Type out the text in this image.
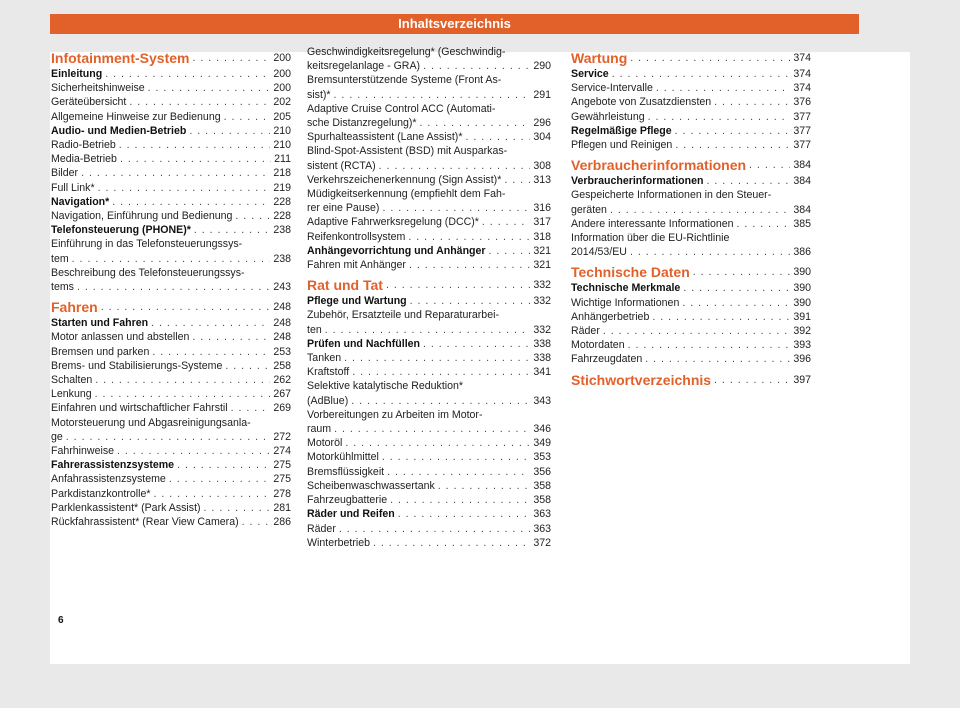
Inhaltsverzeichnis
Infotainment-System . . .	200
Einleitung . . .	200
Sicherheitshinweise . . .	200
Geräteübersicht . . .	202
Allgemeine Hinweise zur Bedienung . . .	205
Audio- und Medien-Betrieb . . .	210
Radio-Betrieb . . .	210
Media-Betrieb . . .	211
Bilder . . .	218
Full Link* . . .	219
Navigation* . . .	228
Navigation, Einführung und Bedienung . . .	228
Telefonsteuerung (PHONE)* . . .	238
Einführung in das Telefonsteuerungssys-
tem . . .	238
Beschreibung des Telefonsteuerungssys-
tems . . .	243
Fahren . . .	248
Starten und Fahren . . .	248
Motor anlassen und abstellen . . .	248
Bremsen und parken . . .	253
Brems- und Stabilisierungs-Systeme . . .	258
Schalten . . .	262
Lenkung . . .	267
Einfahren und wirtschaftlicher Fahrstil . . .	269
Motorsteuerung und Abgasreinigungsanla-
ge . . .	272
Fahrhinweise . . .	274
Fahrerassistenzsysteme . . .	275
Anfahrassistenzsysteme . . .	275
Parkdistanzkontrolle* . . .	278
Parklenkassistent* (Park Assist) . . .	281
Rückfahrassistent* (Rear View Camera) . . .	286
Geschwindigkeitsregelung* (Geschwindig-
keitsregelanlage - GRA) . . .	290
Bremsunterstützende Systeme (Front As-
sist)* . . .	291
Adaptive Cruise Control ACC (Automati-
sche Distanzregelung)* . . .	296
Spurhalteassistent (Lane Assist)* . . .	304
Blind-Spot-Assistent (BSD) mit Ausparkas-
sistent (RCTA) . . .	308
Verkehrszeichenerkennung (Sign Assist)* . . .	313
Müdigkeitserkennung (empfiehlt dem Fah-
rer eine Pause) . . .	316
Adaptive Fahrwerksregelung (DCC)* . . .	317
Reifenkontrollsystem . . .	318
Anhängevorrichtung und Anhänger . . .	321
Fahren mit Anhänger . . .	321
Rat und Tat . . .	332
Pflege und Wartung . . .	332
Zubehör, Ersatzteile und Reparaturarbei-
ten . . .	332
Prüfen und Nachfüllen . . .	338
Tanken . . .	338
Kraftstoff . . .	341
Selektive katalytische Reduktion*
(AdBlue) . . .	343
Vorbereitungen zu Arbeiten im Motor-
raum . . .	346
Motoröl . . .	349
Motorkühlmittel . . .	353
Bremsflüssigkeit . . .	356
Scheibenwaschwassertank . . .	358
Fahrzeugbatterie . . .	358
Räder und Reifen . . .	363
Räder . . .	363
Winterbetrieb . . .	372
Wartung . . .	374
Service . . .	374
Service-Intervalle . . .	374
Angebote von Zusatzdiensten . . .	376
Gewährleistung . . .	377
Regelmäßige Pflege . . .	377
Pflegen und Reinigen . . .	377
Verbraucherinformationen . . .	384
Verbraucherinformationen . . .	384
Gespeicherte Informationen in den Steuer-
geräten . . .	384
Andere interessante Informationen . . .	385
Information über die EU-Richtlinie
2014/53/EU . . .	386
Technische Daten . . .	390
Technische Merkmale . . .	390
Wichtige Informationen . . .	390
Anhängerbetrieb . . .	391
Räder . . .	392
Motordaten . . .	393
Fahrzeugdaten . . .	396
Stichwortverzeichnis . . .	397
6
